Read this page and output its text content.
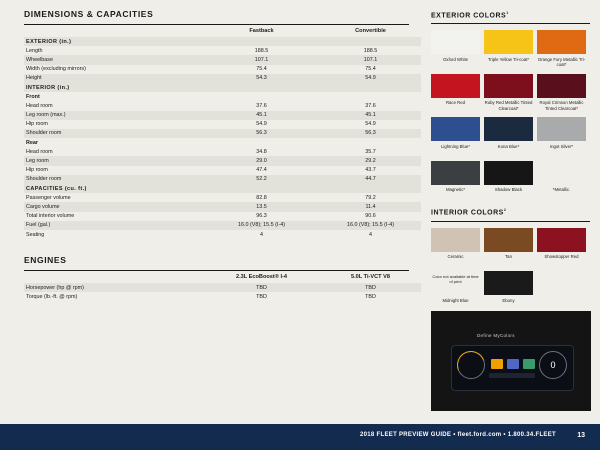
DIMENSIONS & CAPACITIES
	Fastback	Convertible
EXTERIOR (in.)		
Length	188.5	188.5
Wheelbase	107.1	107.1
Width (excluding mirrors)	75.4	75.4
Height	54.3	54.9
INTERIOR (in.)		
Front		
Head room	37.6	37.6
Leg room (max.)	45.1	45.1
Hip room	54.9	54.9
Shoulder room	56.3	56.3
Rear		
Head room	34.8	35.7
Leg room	29.0	29.2
Hip room	47.4	43.7
Shoulder room	52.2	44.7
CAPACITIES (cu. ft.)		
Passenger volume	82.8	79.2
Cargo volume	13.5	11.4
Total interior volume	96.3	90.6
Fuel (gal.)	16.0 (V8); 15.5 (I-4)	16.0 (V8); 15.5 (I-4)
Seating	4	4
ENGINES
	2.3L EcoBoost® I-4	5.0L Ti-VCT V8
Horsepower (hp @ rpm)	TBD	TBD
Torque (lb.-ft. @ rpm)	TBD	TBD
EXTERIOR COLORS$^1$
Oxford White	Triple Yellow Tri-coat*	Orange Fury Metallic Tri-coat*
Race Red	Ruby Red Metallic Tinted Clearcoat*
Royal Crimson Metallic Tinted Clearcoat*
Lightning Blue*	Kona Blue*	Ingot Silver*
Magnetic*	Shadow Black	*Metallic.
INTERIOR COLORS$^2$
Ceramic	Tan	Showstopper Red
Color not available at time of print
Midnight Blue	Ebony
Define MyColors
0
2018 FLEET PREVIEW GUIDE • fleet.ford.com • 1.800.34.FLEET	13
